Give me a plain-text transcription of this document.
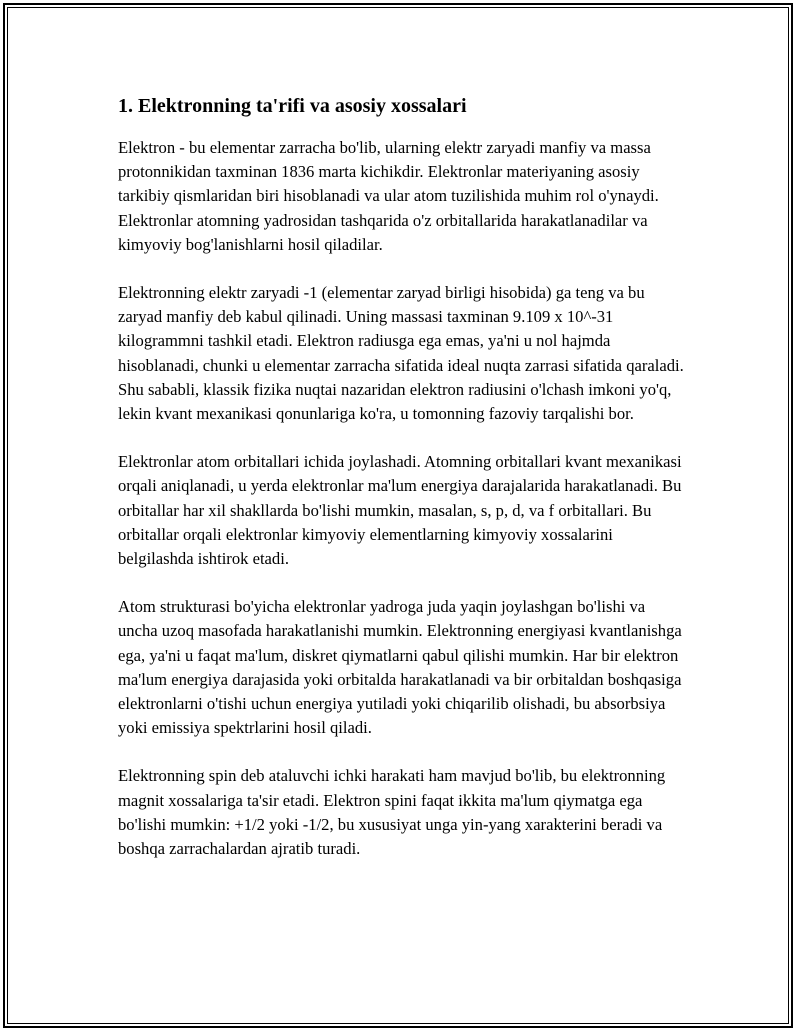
1. Elektronning ta'rifi va asosiy xossalari

Elektron - bu elementar zarracha bo'lib, ularning elektr zaryadi manfiy va massa protonnikidan taxminan 1836 marta kichikdir. Elektronlar materiyaning asosiy tarkibiy qismlaridan biri hisoblanadi va ular atom tuzilishida muhim rol o'ynaydi. Elektronlar atomning yadrosidan tashqarida o'z orbitallarida harakatlanadilar va kimyoviy bog'lanishlarni hosil qiladilar.

Elektronning elektr zaryadi -1 (elementar zaryad birligi hisobida) ga teng va bu zaryad manfiy deb kabul qilinadi. Uning massasi taxminan 9.109 x 10^-31 kilogrammni tashkil etadi. Elektron radiusga ega emas, ya'ni u nol hajmda hisoblanadi, chunki u elementar zarracha sifatida ideal nuqta zarrasi sifatida qaraladi. Shu sababli, klassik fizika nuqtai nazaridan elektron radiusini o'lchash imkoni yo'q, lekin kvant mexanikasi qonunlariga ko'ra, u tomonning fazoviy tarqalishi bor.

Elektronlar atom orbitallari ichida joylashadi. Atomning orbitallari kvant mexanikasi orqali aniqlanadi, u yerda elektronlar ma'lum energiya darajalarida harakatlanadi. Bu orbitallar har xil shakllarda bo'lishi mumkin, masalan, s, p, d, va f orbitallari. Bu orbitallar orqali elektronlar kimyoviy elementlarning kimyoviy xossalarini belgilashda ishtirok etadi.

Atom strukturasi bo'yicha elektronlar yadroga juda yaqin joylashgan bo'lishi va uncha uzoq masofada harakatlanishi mumkin. Elektronning energiyasi kvantlanishga ega, ya'ni u faqat ma'lum, diskret qiymatlarni qabul qilishi mumkin. Har bir elektron ma'lum energiya darajasida yoki orbitalda harakatlanadi va bir orbitaldan boshqasiga elektronlarni o'tishi uchun energiya yutiladi yoki chiqarilib olishadi, bu absorbsiya yoki emissiya spektrlarini hosil qiladi.

Elektronning spin deb ataluvchi ichki harakati ham mavjud bo'lib, bu elektronning magnit xossalariga ta'sir etadi. Elektron spini faqat ikkita ma'lum qiymatga ega bo'lishi mumkin: +1/2 yoki -1/2, bu xususiyat unga yin-yang xarakterini beradi va boshqa zarrachalardan ajratib turadi.
